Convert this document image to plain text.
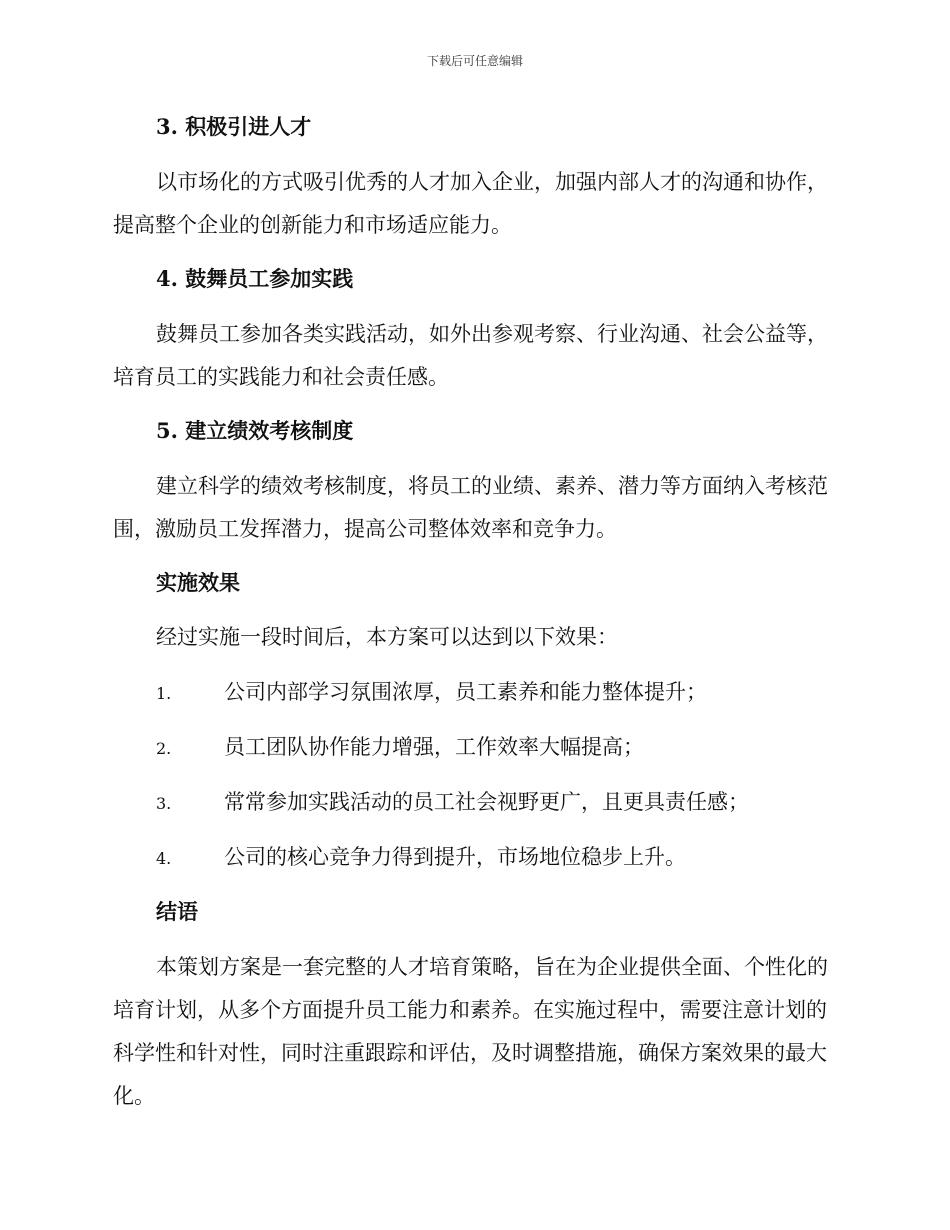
下载后可任意编辑
3. 积极引进人才
以市场化的方式吸引优秀的人才加入企业，加强内部人才的沟通和协作，提高整个企业的创新能力和市场适应能力。
4. 鼓舞员工参加实践
鼓舞员工参加各类实践活动，如外出参观考察、行业沟通、社会公益等，培育员工的实践能力和社会责任感。
5. 建立绩效考核制度
建立科学的绩效考核制度，将员工的业绩、素养、潜力等方面纳入考核范围，激励员工发挥潜力，提高公司整体效率和竞争力。
实施效果
经过实施一段时间后，本方案可以达到以下效果：
1.	公司内部学习氛围浓厚，员工素养和能力整体提升；
2.	员工团队协作能力增强，工作效率大幅提高；
3.	常常参加实践活动的员工社会视野更广，且更具责任感；
4.	公司的核心竞争力得到提升，市场地位稳步上升。
结语
本策划方案是一套完整的人才培育策略，旨在为企业提供全面、个性化的培育计划，从多个方面提升员工能力和素养。在实施过程中，需要注意计划的科学性和针对性，同时注重跟踪和评估，及时调整措施，确保方案效果的最大化。
